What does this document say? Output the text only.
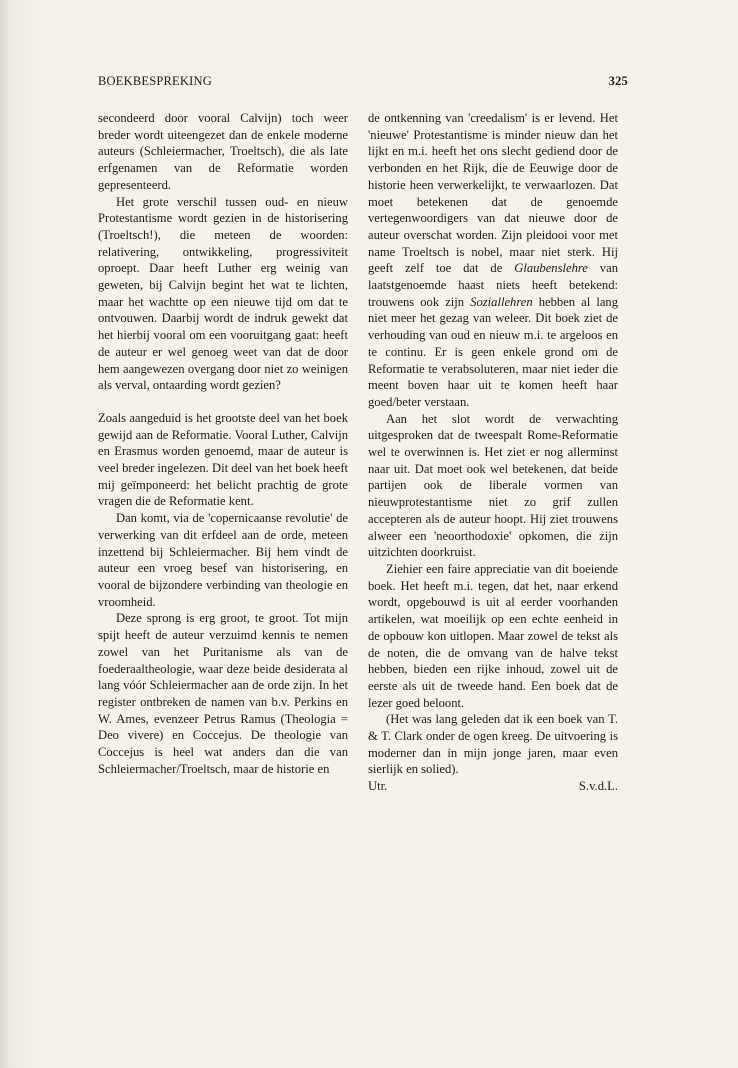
BOEKBESPREKING	325

secondeerd door vooral Calvijn) toch weer breder wordt uiteengezet dan de enkele moderne auteurs (Schleiermacher, Troeltsch), die als late erfgenamen van de Reformatie worden gepresenteerd.

Het grote verschil tussen oud- en nieuw Protestantisme wordt gezien in de historisering (Troeltsch!), die meteen de woorden: relativering, ontwikkeling, progressiviteit oproept. Daar heeft Luther erg weinig van geweten, bij Calvijn begint het wat te lichten, maar het wachtte op een nieuwe tijd om dat te ontvouwen. Daarbij wordt de indruk gewekt dat het hierbij vooral om een vooruitgang gaat: heeft de auteur er wel genoeg weet van dat de door hem aangewezen overgang door niet zo weinigen als verval, ontaarding wordt gezien?

Zoals aangeduid is het grootste deel van het boek gewijd aan de Reformatie. Vooral Luther, Calvijn en Erasmus worden genoemd, maar de auteur is veel breder ingelezen. Dit deel van het boek heeft mij geïmponeerd: het belicht prachtig de grote vragen die de Reformatie kent.

Dan komt, via de 'copernicaanse revolutie' de verwerking van dit erfdeel aan de orde, meteen inzettend bij Schleiermacher. Bij hem vindt de auteur een vroeg besef van historisering, en vooral de bijzondere verbinding van theologie en vroomheid.

Deze sprong is erg groot, te groot. Tot mijn spijt heeft de auteur verzuimd kennis te nemen zowel van het Puritanisme als van de foederaaltheologie, waar deze beide desiderata al lang vóór Schleiermacher aan de orde zijn. In het register ontbreken de namen van b.v. Perkins en W. Ames, evenzeer Petrus Ramus (Theologia = Deo vivere) en Coccejus. De theologie van Coccejus is heel wat anders dan die van Schleiermacher/Troeltsch, maar de historie en

de ontkenning van 'creedalism' is er levend. Het 'nieuwe' Protestantisme is minder nieuw dan het lijkt en m.i. heeft het ons slecht gediend door de verbonden en het Rijk, die de Eeuwige door de historie heen verwerkelijkt, te verwaarlozen. Dat moet betekenen dat de genoemde vertegenwoordigers van dat nieuwe door de auteur overschat worden. Zijn pleidooi voor met name Troeltsch is nobel, maar niet sterk. Hij geeft zelf toe dat de Glaubenslehre van laatstgenoemde haast niets heeft betekend: trouwens ook zijn Soziallehren hebben al lang niet meer het gezag van weleer. Dit boek ziet de verhouding van oud en nieuw m.i. te argeloos en te continu. Er is geen enkele grond om de Reformatie te verabsoluteren, maar niet ieder die meent boven haar uit te komen heeft haar goed/beter verstaan.

Aan het slot wordt de verwachting uitgesproken dat de tweespalt Rome-Reformatie wel te overwinnen is. Het ziet er nog allerminst naar uit. Dat moet ook wel betekenen, dat beide partijen ook de liberale vormen van nieuwprotestantisme niet zo grif zullen accepteren als de auteur hoopt. Hij ziet trouwens alweer een 'neoorthodoxie' opkomen, die zijn uitzichten doorkruist.

Ziehier een faire appreciatie van dit boeiende boek. Het heeft m.i. tegen, dat het, naar erkend wordt, opgebouwd is uit al eerder voorhanden artikelen, wat moeilijk op een echte eenheid in de opbouw kon uitlopen. Maar zowel de tekst als de noten, die de omvang van de halve tekst hebben, bieden een rijke inhoud, zowel uit de eerste als uit de tweede hand. Een boek dat de lezer goed beloont.

(Het was lang geleden dat ik een boek van T. & T. Clark onder de ogen kreeg. De uitvoering is moderner dan in mijn jonge jaren, maar even sierlijk en solied).

Utr.	S.v.d.L.
